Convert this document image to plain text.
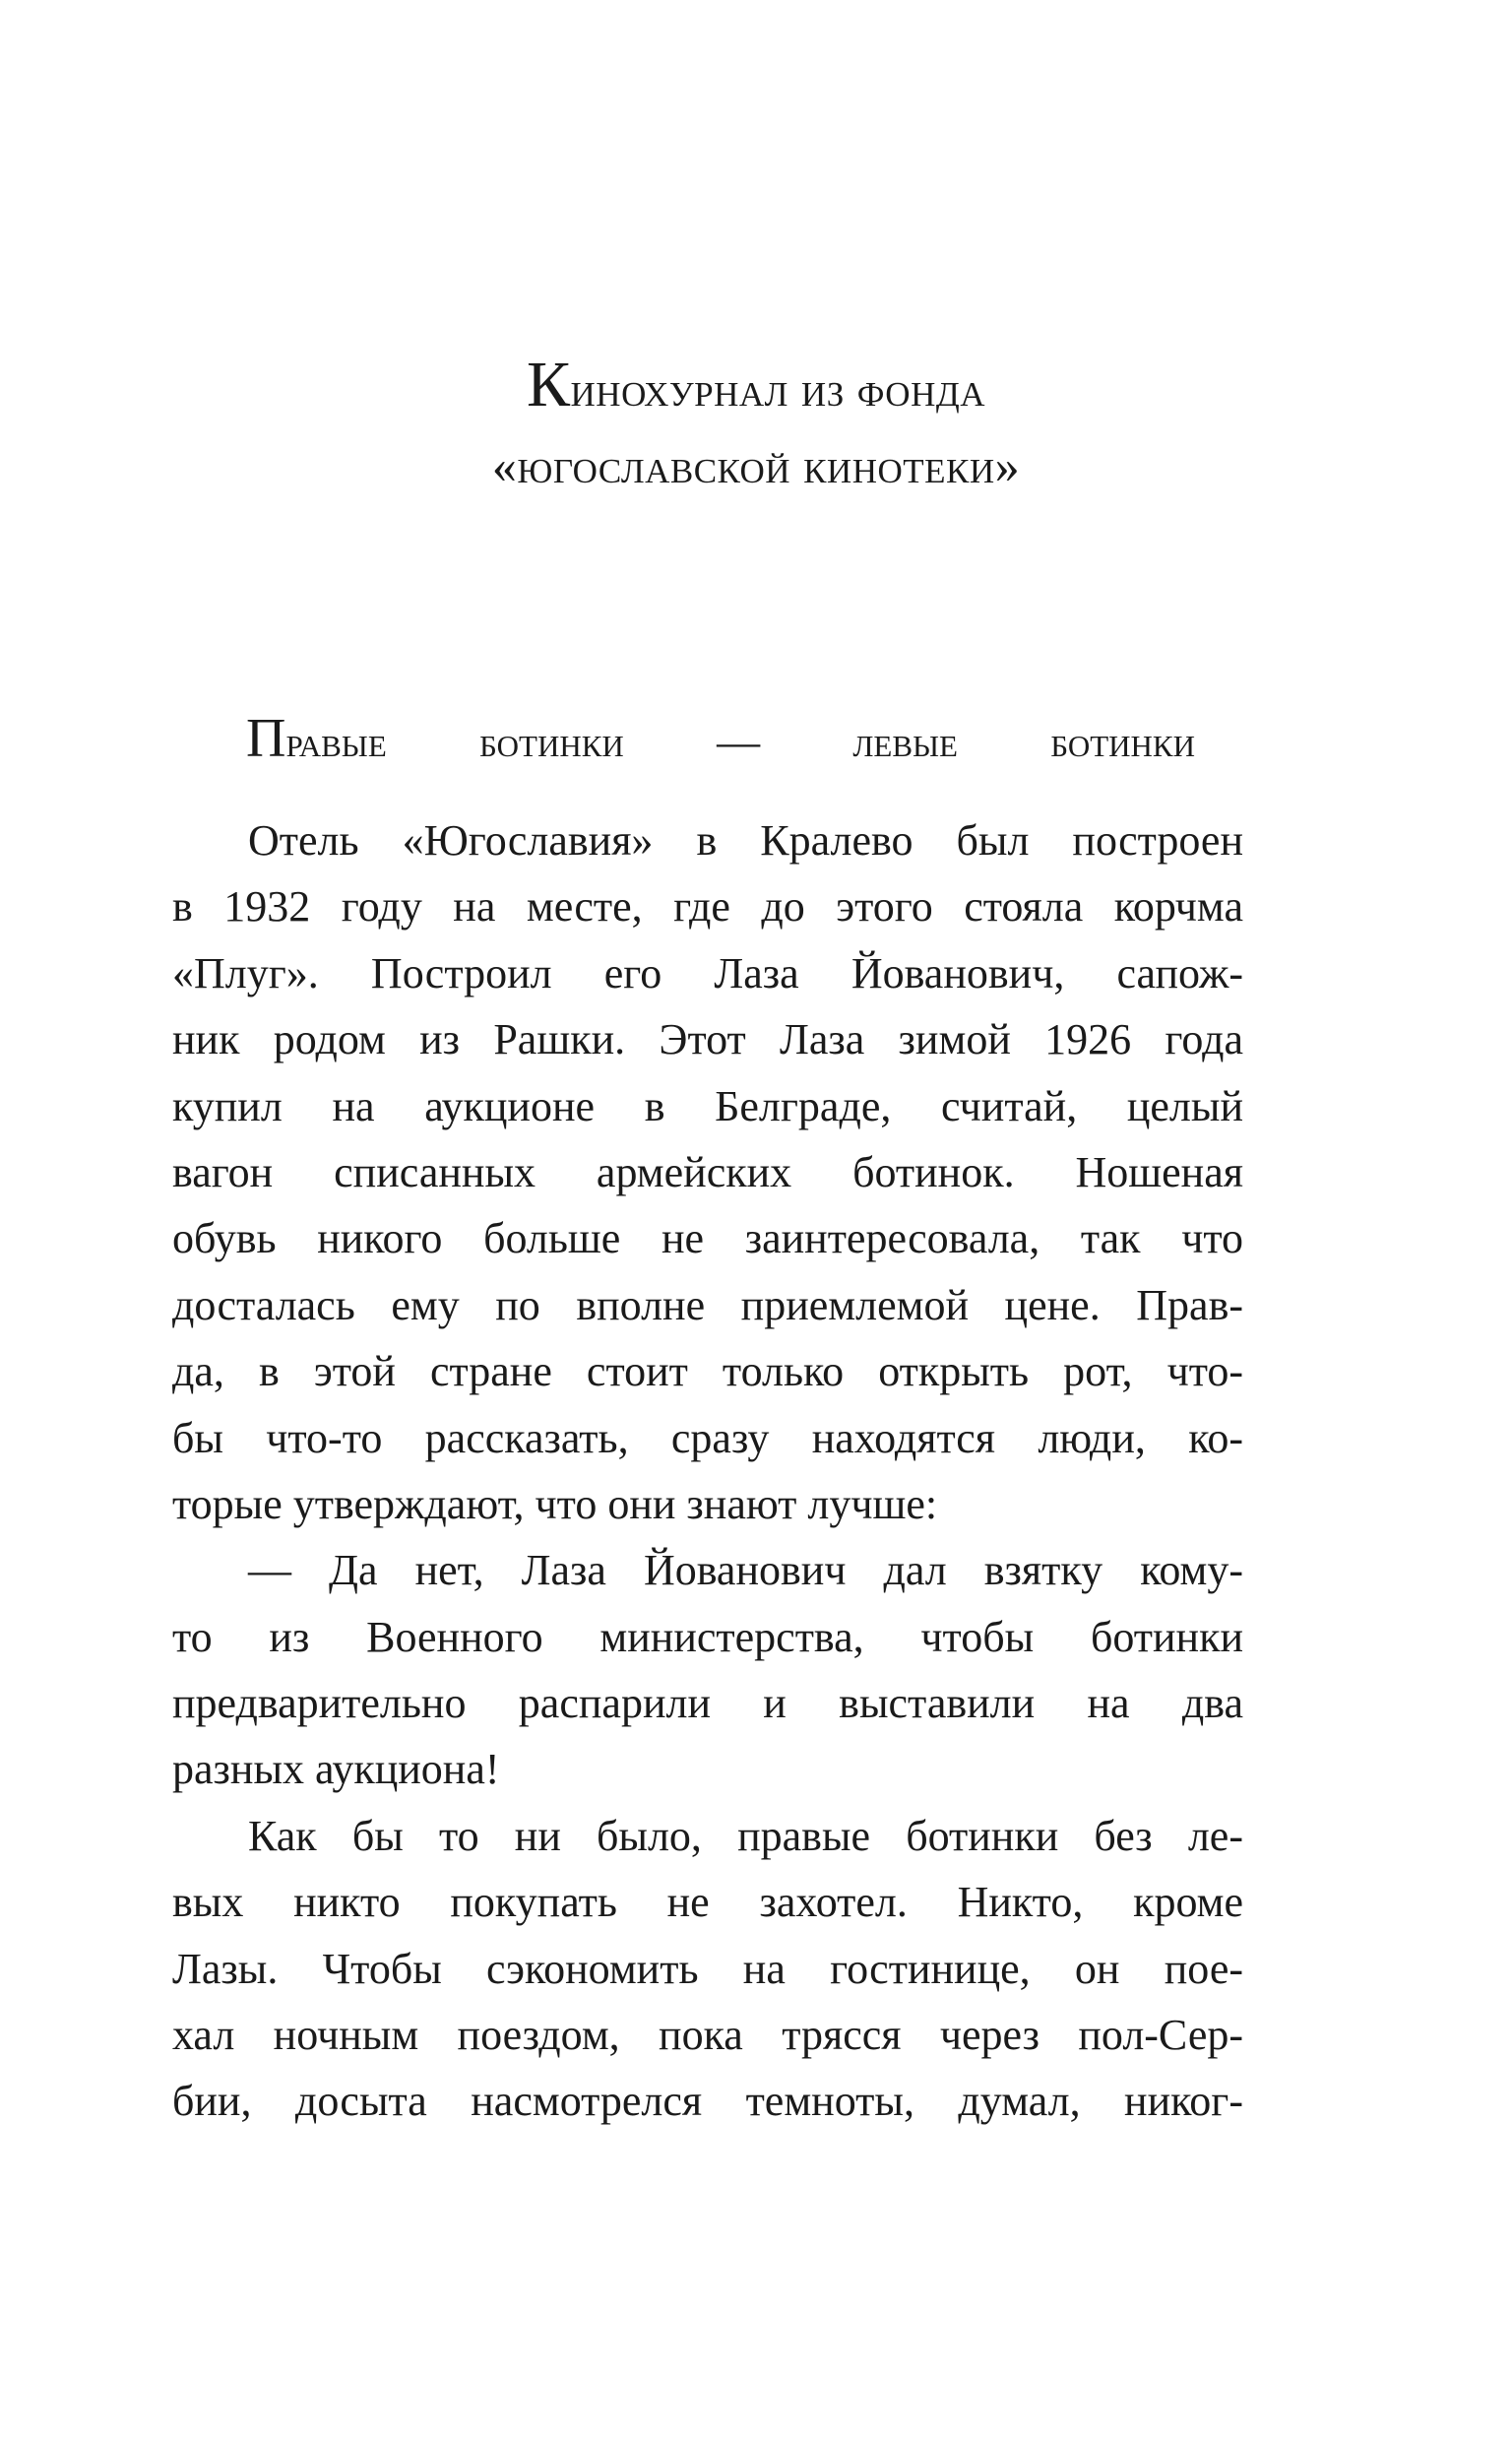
Кинохурнал из фонда
«югославской кинотеки»
Правые ботинки — левые ботинки
Отель «Югославия» в Кралево был построен
в 1932 году на месте, где до этого стояла корчма
«Плуг». Построил его Лаза Йованович, сапож-
ник родом из Рашки. Этот Лаза зимой 1926 года
купил на аукционе в Белграде, считай, целый
вагон списанных армейских ботинок. Ношеная
обувь никого больше не заинтересовала, так что
досталась ему по вполне приемлемой цене. Прав-
да, в этой стране стоит только открыть рот, что-
бы что-то рассказать, сразу находятся люди, ко-
торые утверждают, что они знают лучше:
— Да нет, Лаза Йованович дал взятку кому-
то из Военного министерства, чтобы ботинки
предварительно распарили и выставили на два
разных аукциона!
Как бы то ни было, правые ботинки без ле-
вых никто покупать не захотел. Никто, кроме
Лазы. Чтобы сэкономить на гостинице, он пое-
хал ночным поездом, пока трясся через пол-Сер-
бии, досыта насмотрелся темноты, думал, никог-
